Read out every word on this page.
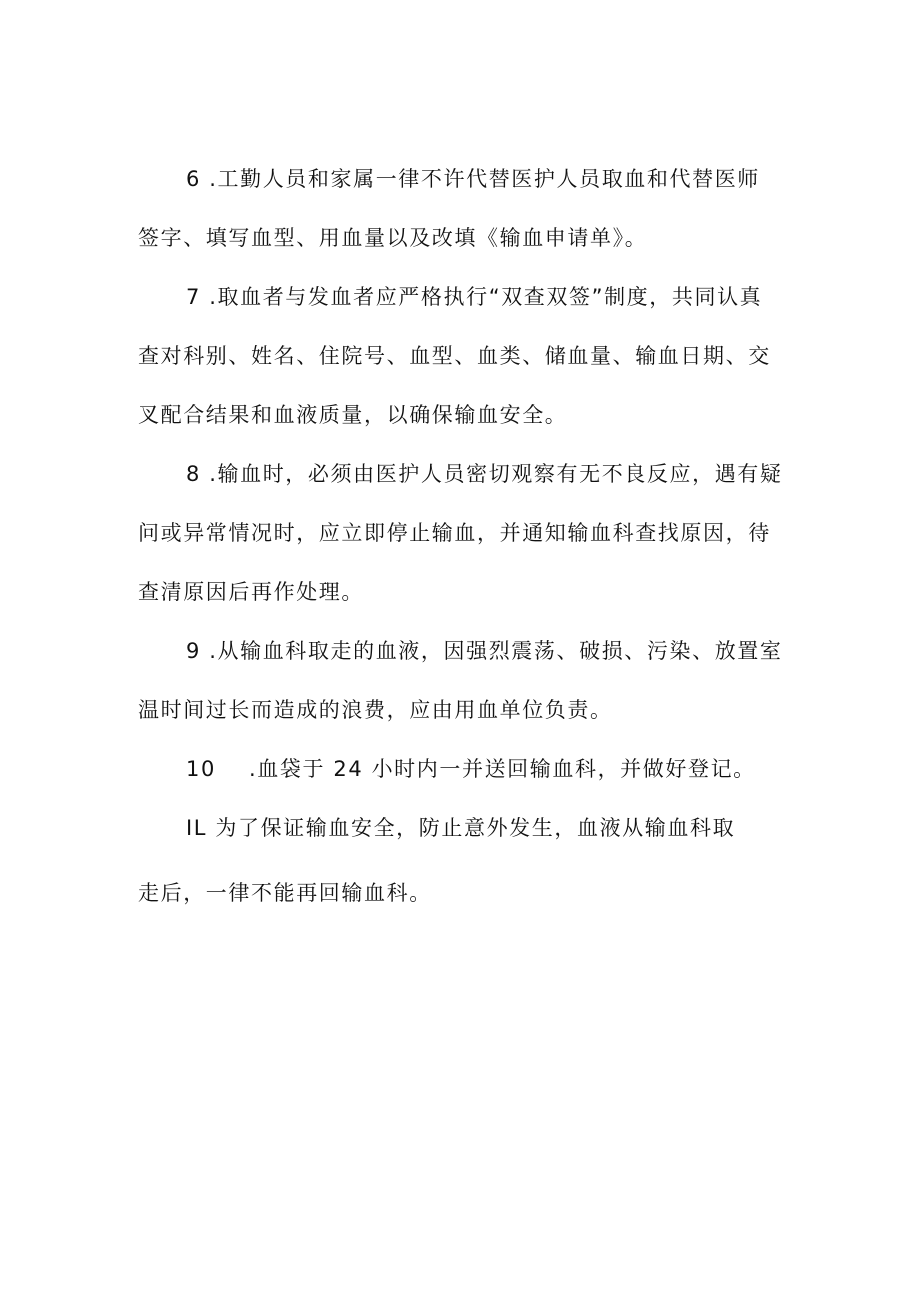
6 .工勤人员和家属一律不许代替医护人员取血和代替医师
签字、填写血型、用血量以及改填《输血申请单》。

7 .取血者与发血者应严格执行“双查双签”制度，共同认真
查对科别、姓名、住院号、血型、血类、储血量、输血日期、交
叉配合结果和血液质量，以确保输血安全。

8 .输血时，必须由医护人员密切观察有无不良反应，遇有疑
问或异常情况时，应立即停止输血，并通知输血科查找原因，待
查清原因后再作处理。

9 .从输血科取走的血液，因强烈震荡、破损、污染、放置室
温时间过长而造成的浪费，应由用血单位负责。

10    .血袋于 24 小时内一并送回输血科，并做好登记。

IL 为了保证输血安全，防止意外发生，血液从输血科取
走后，一律不能再回输血科。
